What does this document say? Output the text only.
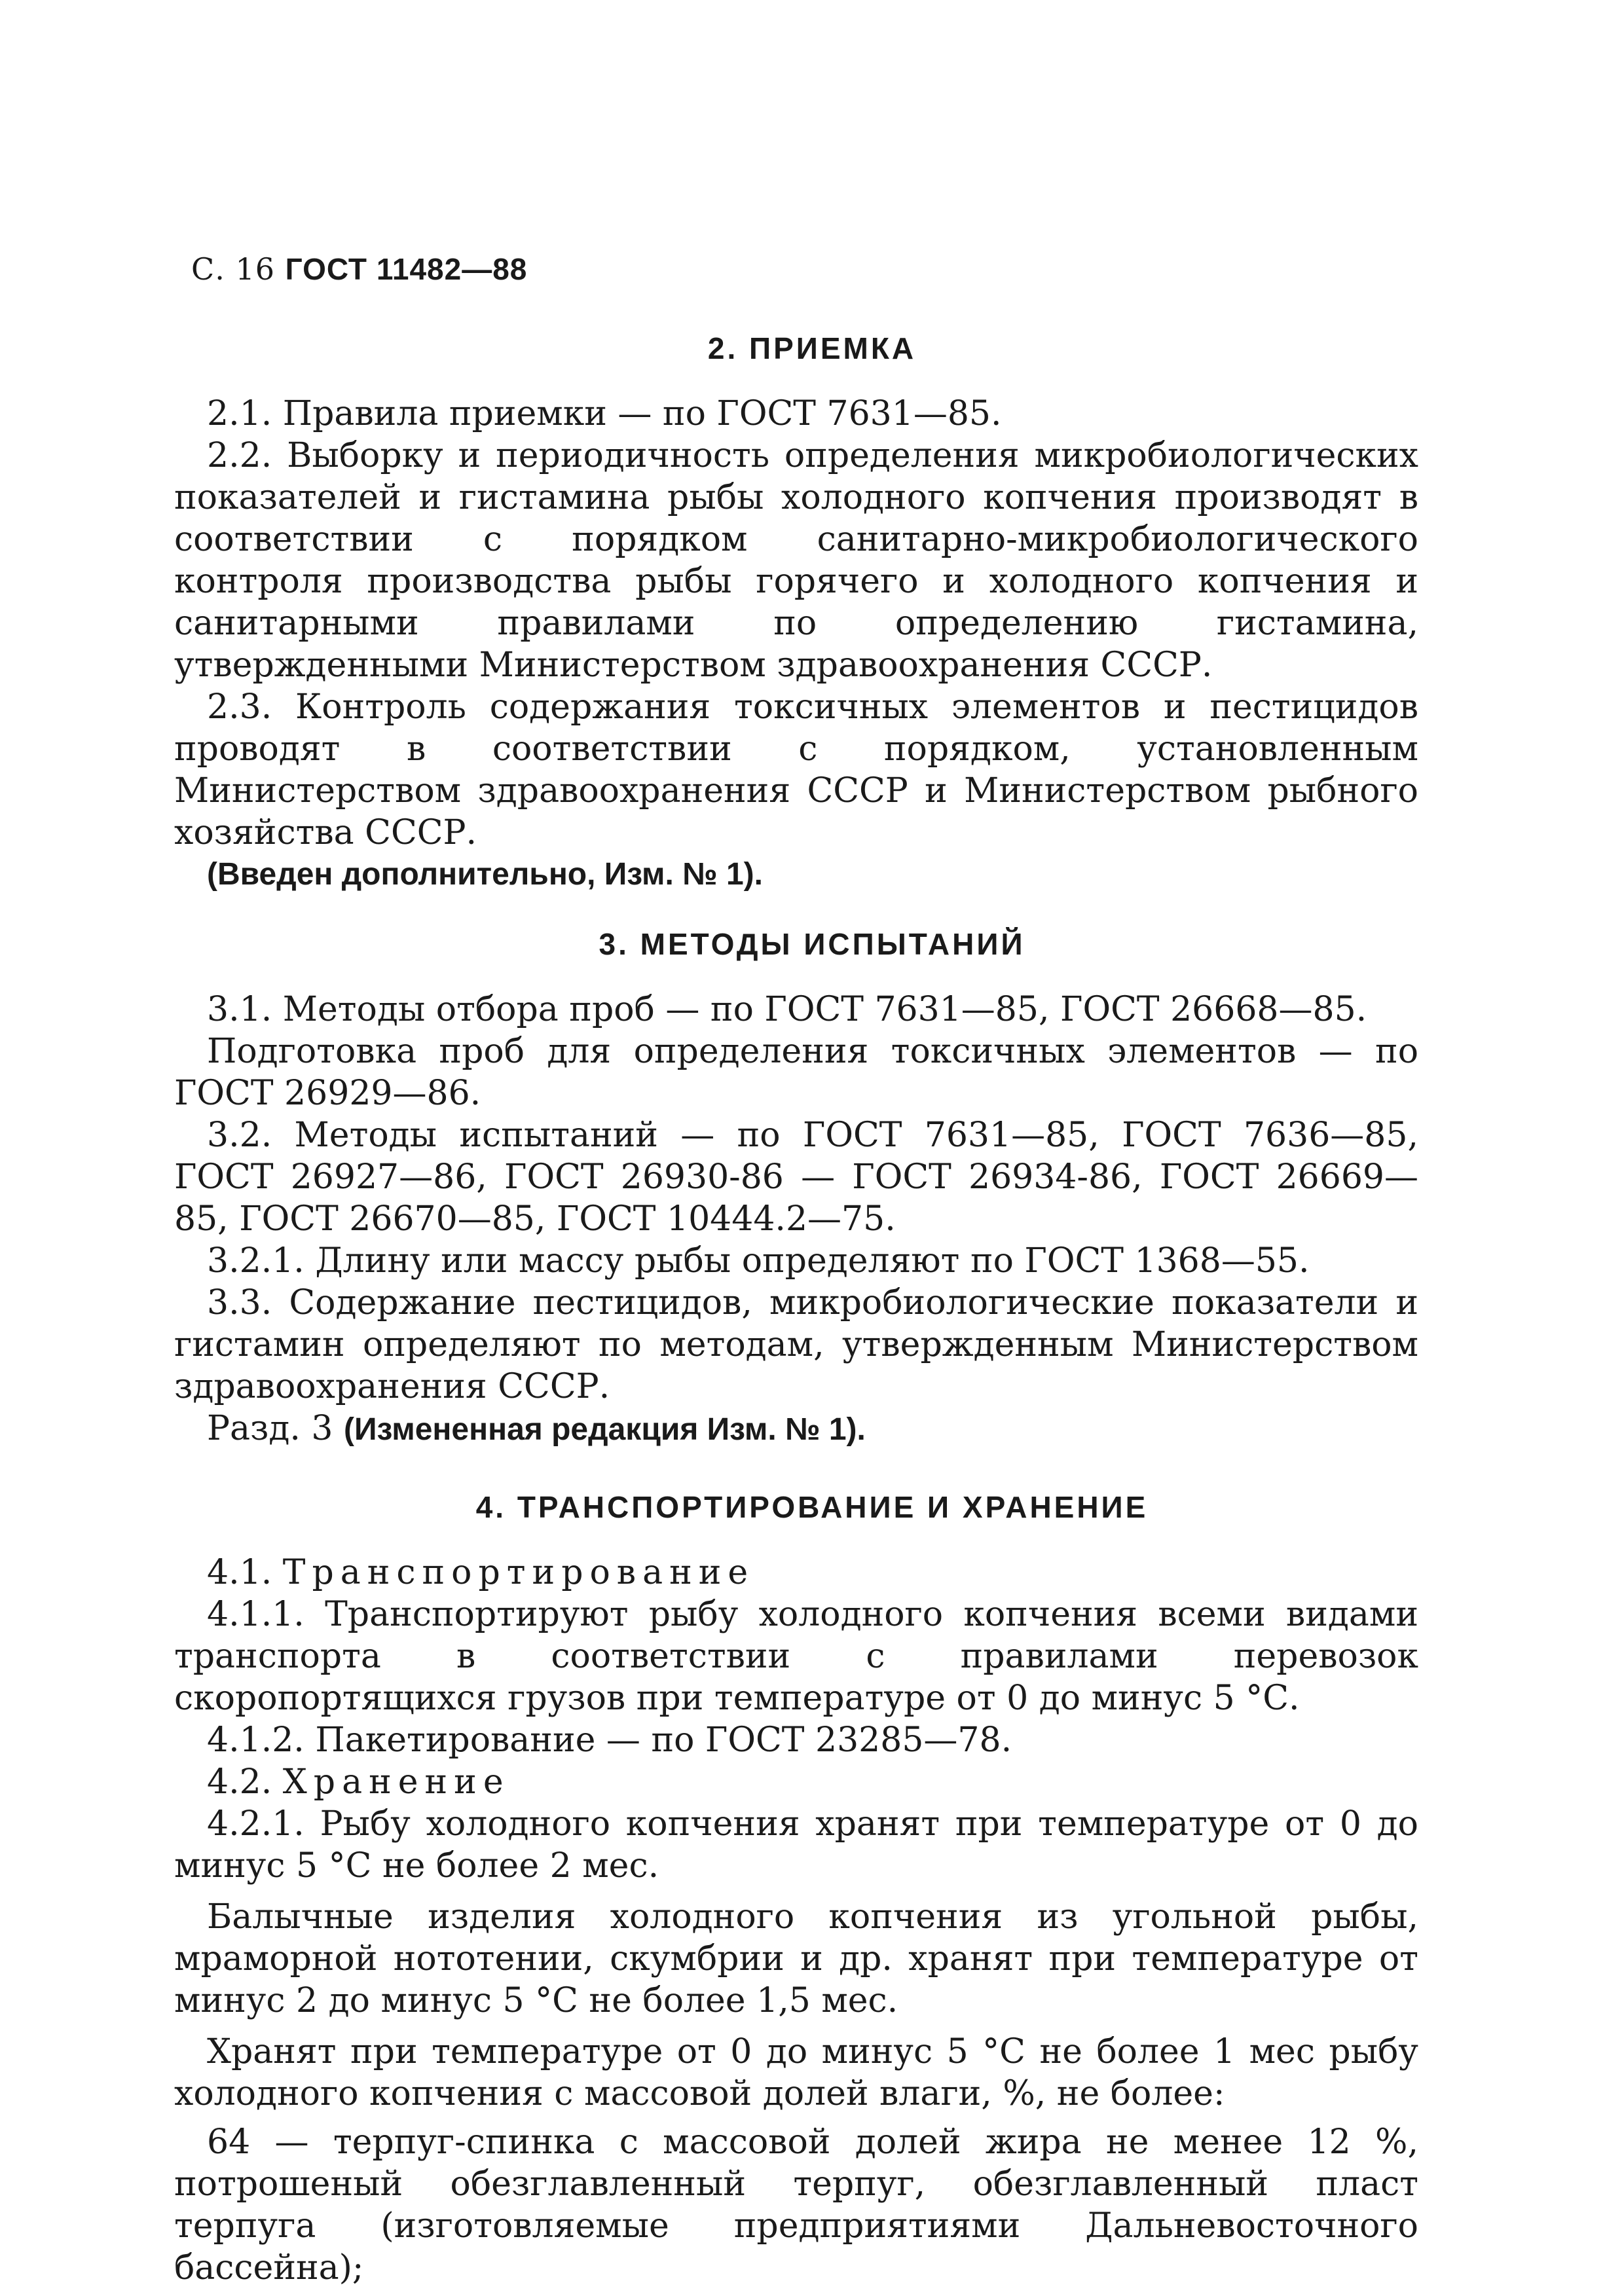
С. 16 ГОСТ 11482—88
2. ПРИЕМКА

2.1. Правила приемки — по ГОСТ 7631—85.

2.2. Выборку и периодичность определения микробиологических показателей и гистамина рыбы холодного копчения производят в соответствии с порядком санитарно-микробиологического контроля производства рыбы горячего и холодного копчения и санитарными правилами по определению гистамина, утвержденными Министерством здравоохранения СССР.

2.3. Контроль содержания токсичных элементов и пестицидов проводят в соответствии с порядком, установленным Министерством здравоохранения СССР и Министерством рыбного хозяйства СССР.

(Введен дополнительно, Изм. № 1).

3. МЕТОДЫ ИСПЫТАНИЙ

3.1. Методы отбора проб — по ГОСТ 7631—85, ГОСТ 26668—85.

Подготовка проб для определения токсичных элементов — по ГОСТ 26929—86.

3.2. Методы испытаний — по ГОСТ 7631—85, ГОСТ 7636—85, ГОСТ 26927—86, ГОСТ 26930-86 — ГОСТ 26934-86, ГОСТ 26669—85, ГОСТ 26670—85, ГОСТ 10444.2—75.

3.2.1. Длину или массу рыбы определяют по ГОСТ 1368—55.

3.3. Содержание пестицидов, микробиологические показатели и гистамин определяют по методам, утвержденным Министерством здравоохранения СССР.

Разд. 3 (Измененная редакция Изм. № 1).

4. ТРАНСПОРТИРОВАНИЕ И ХРАНЕНИЕ

4.1. Транспортирование

4.1.1. Транспортируют рыбу холодного копчения всеми видами транспорта в соответствии с правилами перевозок скоропортящихся грузов при температуре от 0 до минус 5 °С.

4.1.2. Пакетирование — по ГОСТ 23285—78.

4.2. Хранение

4.2.1. Рыбу холодного копчения хранят при температуре от 0 до минус 5 °С не более 2 мес.

Балычные изделия холодного копчения из угольной рыбы, мраморной нототении, скумбрии и др. хранят при температуре от минус 2 до минус 5 °С не более 1,5 мес.

Хранят при температуре от 0 до минус 5 °С не более 1 мес рыбу холодного копчения с массовой долей влаги, %, не более:

64 — терпуг-спинка с массовой долей жира не менее 12 %, потрошеный обезглавленный терпуг, обезглавленный пласт терпуга (изготовляемые предприятиями Дальневосточного бассейна);
